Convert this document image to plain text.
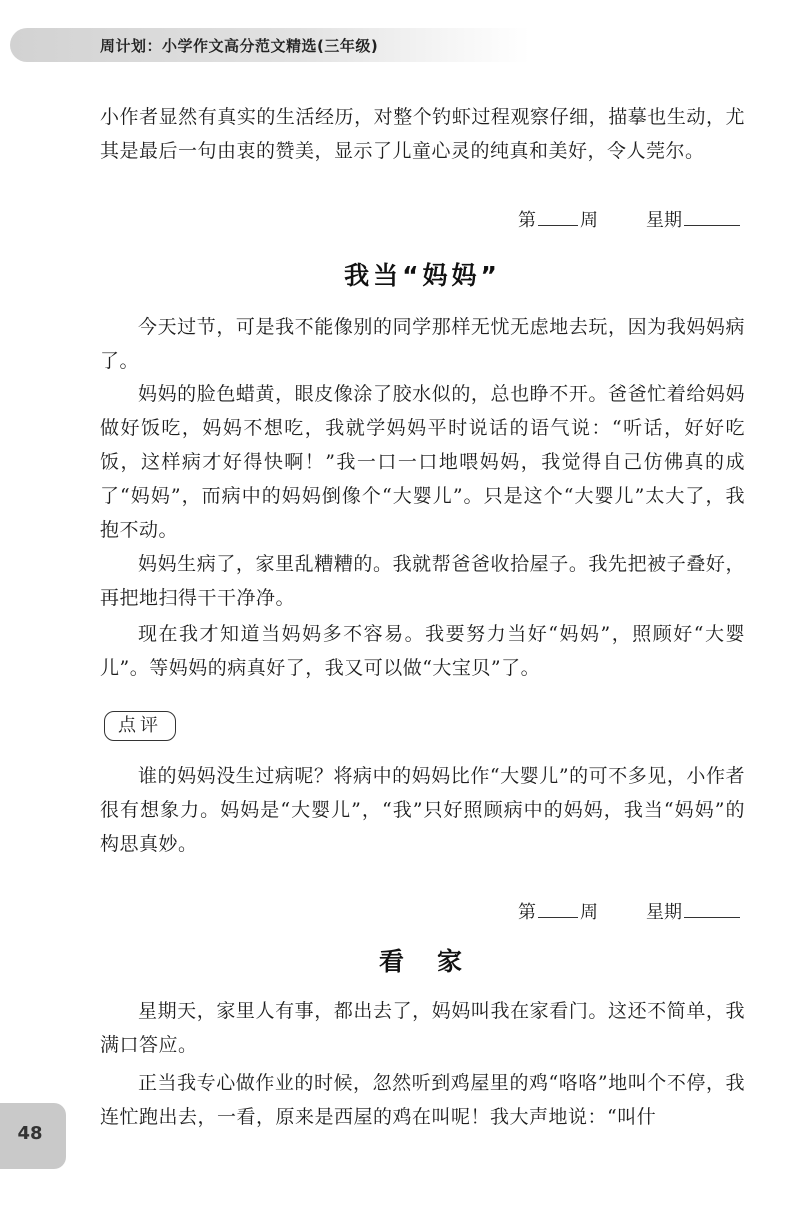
周计划：小学作文高分范文精选(三年级)

小作者显然有真实的生活经历，对整个钓虾过程观察仔细，描摹也生动，尤其是最后一句由衷的赞美，显示了儿童心灵的纯真和美好，令人莞尔。

第 周	星期
我当“妈妈”

今天过节，可是我不能像别的同学那样无忧无虑地去玩，因为我妈妈病了。

妈妈的脸色蜡黄，眼皮像涂了胶水似的，总也睁不开。爸爸忙着给妈妈做好饭吃，妈妈不想吃，我就学妈妈平时说话的语气说：“听话，好好吃饭，这样病才好得快啊！”我一口一口地喂妈妈，我觉得自己仿佛真的成了“妈妈”，而病中的妈妈倒像个“大婴儿”。只是这个“大婴儿”太大了，我抱不动。

妈妈生病了，家里乱糟糟的。我就帮爸爸收拾屋子。我先把被子叠好，再把地扫得干干净净。

现在我才知道当妈妈多不容易。我要努力当好“妈妈”，照顾好“大婴儿”。等妈妈的病真好了，我又可以做“大宝贝”了。

点评

谁的妈妈没生过病呢？将病中的妈妈比作“大婴儿”的可不多见，小作者很有想象力。妈妈是“大婴儿”，“我”只好照顾病中的妈妈，我当“妈妈”的构思真妙。

第 周	星期
看　家

星期天，家里人有事，都出去了，妈妈叫我在家看门。这还不简单，我满口答应。

正当我专心做作业的时候，忽然听到鸡屋里的鸡“咯咯”地叫个不停，我连忙跑出去，一看，原来是西屋的鸡在叫呢！我大声地说：“叫什

48
